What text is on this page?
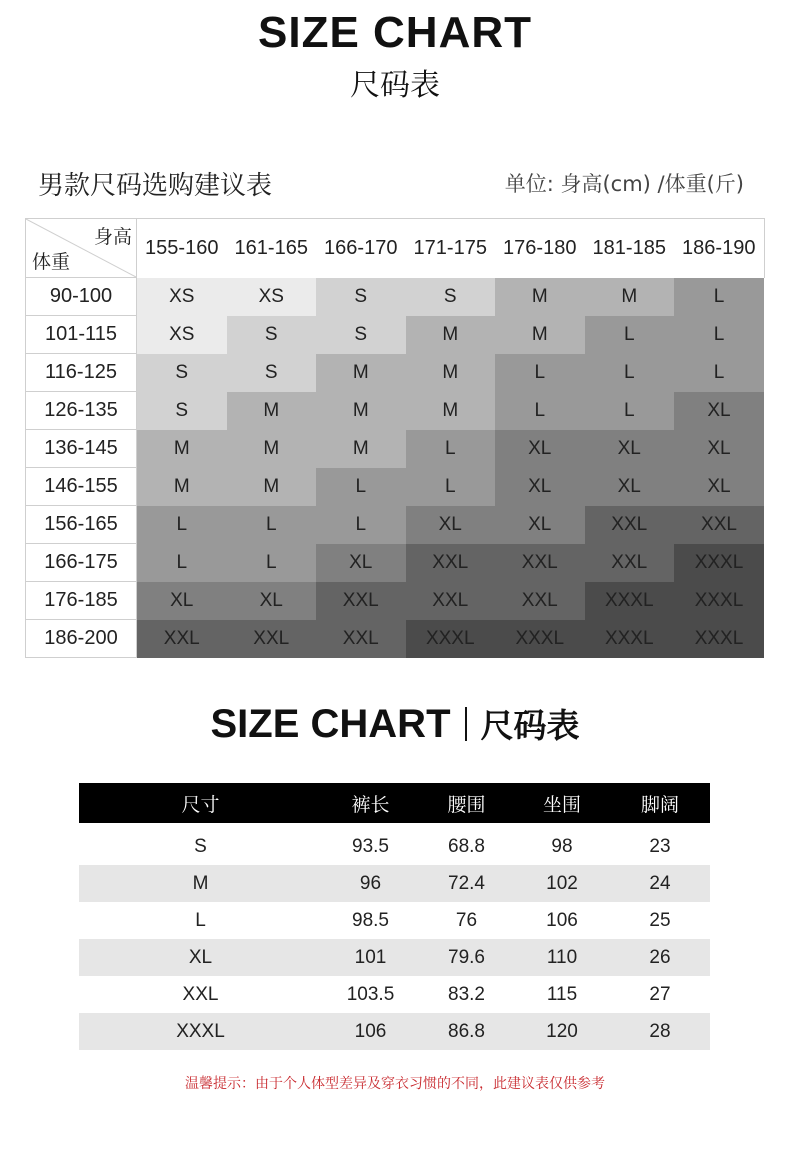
SIZE CHART
尺码表
男款尺码选购建议表	单位: 身高(cm) /体重(斤)
身高
体重	155-160	161-165	166-170	171-175	176-180	181-185	186-190
90-100	XS	XS	S	S	M	M	L
101-115	XS	S	S	M	M	L	L
116-125	S	S	M	M	L	L	L
126-135	S	M	M	M	L	L	XL
136-145	M	M	M	L	XL	XL	XL
146-155	M	M	L	L	XL	XL	XL
156-165	L	L	L	XL	XL	XXL	XXL
166-175	L	L	XL	XXL	XXL	XXL	XXXL
176-185	XL	XL	XXL	XXL	XXL	XXXL	XXXL
186-200	XXL	XXL	XXL	XXXL	XXXL	XXXL	XXXL
SIZE CHART 尺码表
尺寸	裤长	腰围	坐围	脚阔
S	93.5	68.8	98	23
M	96	72.4	102	24
L	98.5	76	106	25
XL	101	79.6	110	26
XXL	103.5	83.2	115	27
XXXL	106	86.8	120	28
温馨提示：由于个人体型差异及穿衣习惯的不同，此建议表仅供参考
